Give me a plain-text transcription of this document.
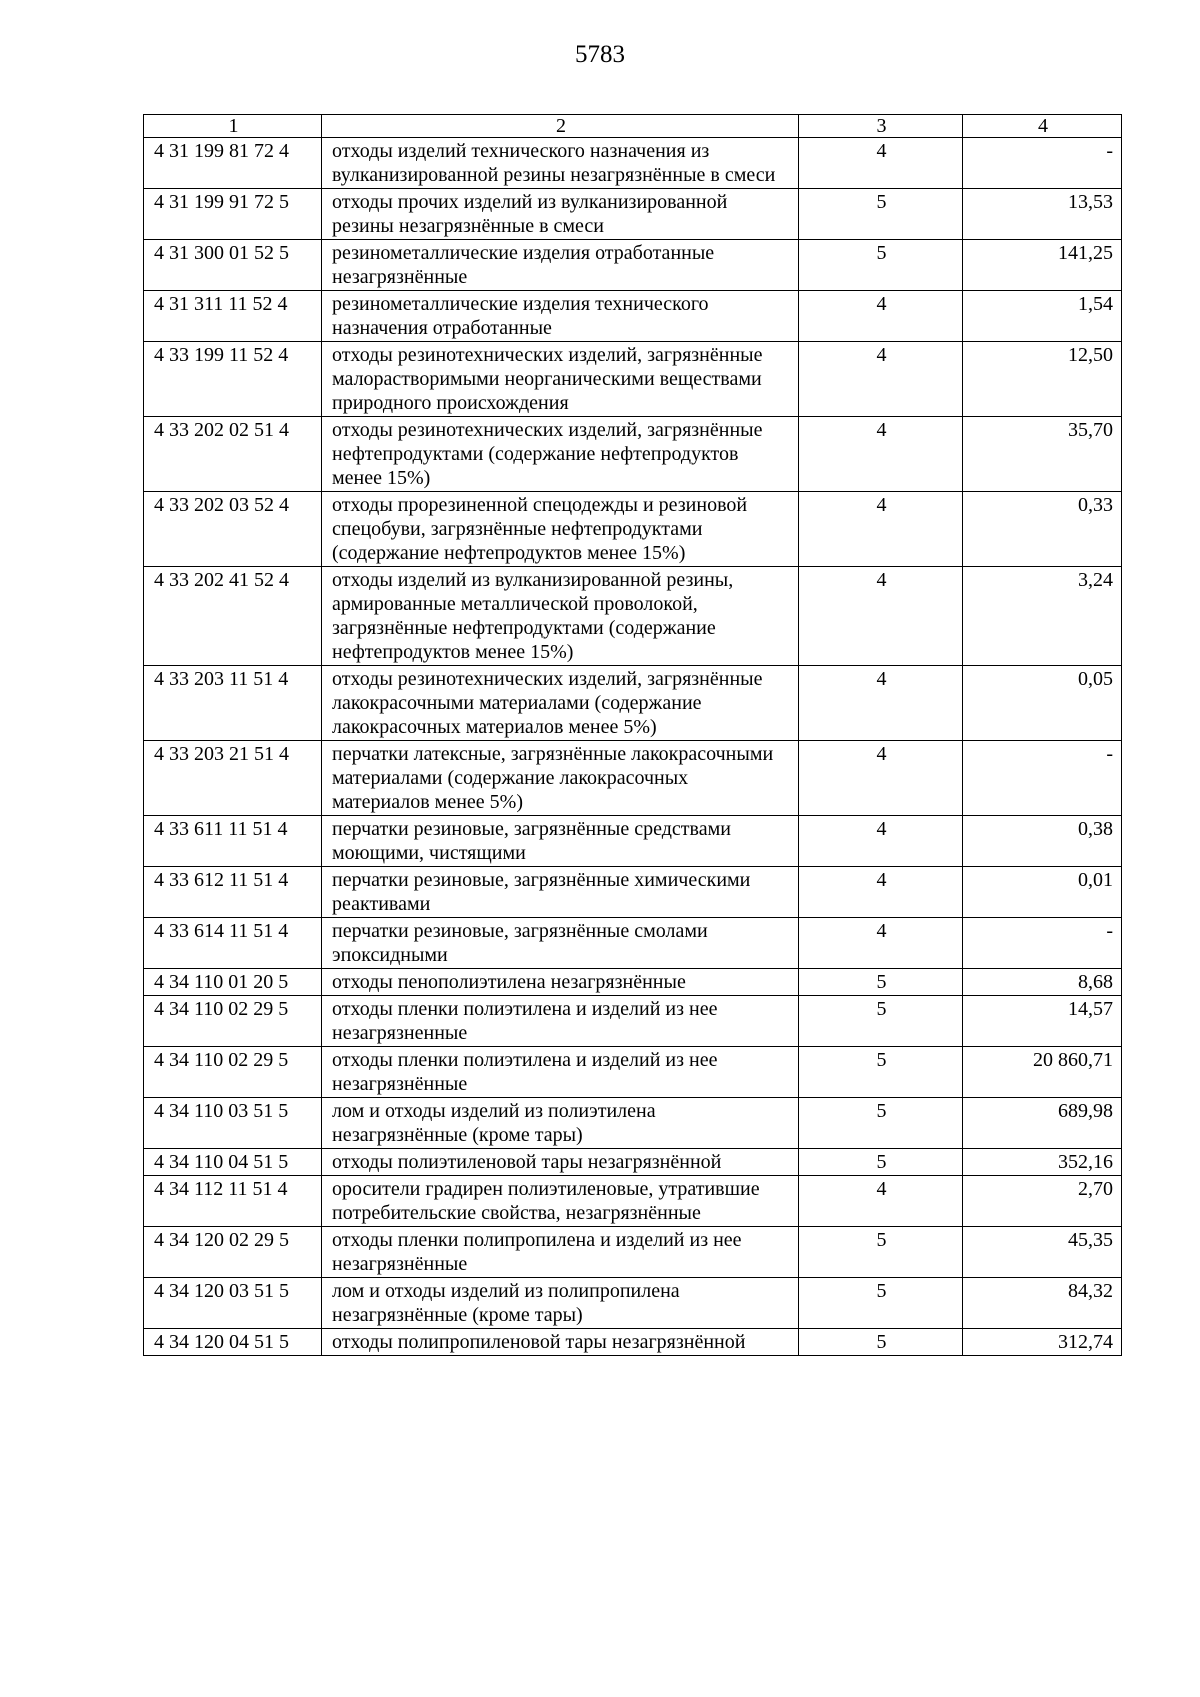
5783
1	2	3	4
4 31 199 81 72 4	отходы изделий технического назначения из вулканизированной резины незагрязнённые в смеси	4	-
4 31 199 91 72 5	отходы прочих изделий из вулканизированной резины незагрязнённые в смеси	5	13,53
4 31 300 01 52 5	резинометаллические изделия отработанные незагрязнённые	5	141,25
4 31 311 11 52 4	резинометаллические изделия технического назначения отработанные	4	1,54
4 33 199 11 52 4	отходы резинотехнических изделий, загрязнённые малорастворимыми неорганическими веществами природного происхождения	4	12,50
4 33 202 02 51 4	отходы резинотехнических изделий, загрязнённые нефтепродуктами (содержание нефтепродуктов менее 15%)	4	35,70
4 33 202 03 52 4	отходы прорезиненной спецодежды и резиновой спецобуви, загрязнённые нефтепродуктами (содержание нефтепродуктов менее 15%)	4	0,33
4 33 202 41 52 4	отходы изделий из вулканизированной резины, армированные металлической проволокой, загрязнённые нефтепродуктами (содержание нефтепродуктов менее 15%)	4	3,24
4 33 203 11 51 4	отходы резинотехнических изделий, загрязнённые лакокрасочными материалами (содержание лакокрасочных материалов менее 5%)	4	0,05
4 33 203 21 51 4	перчатки латексные, загрязнённые лакокрасочными материалами (содержание лакокрасочных материалов менее 5%)	4	-
4 33 611 11 51 4	перчатки резиновые, загрязнённые средствами моющими, чистящими	4	0,38
4 33 612 11 51 4	перчатки резиновые, загрязнённые химическими реактивами	4	0,01
4 33 614 11 51 4	перчатки резиновые, загрязнённые смолами эпоксидными	4	-
4 34 110 01 20 5	отходы пенополиэтилена незагрязнённые	5	8,68
4 34 110 02 29 5	отходы пленки полиэтилена и изделий из нее незагрязненные	5	14,57
4 34 110 02 29 5	отходы пленки полиэтилена и изделий из нее незагрязнённые	5	20 860,71
4 34 110 03 51 5	лом и отходы изделий из полиэтилена незагрязнённые (кроме тары)	5	689,98
4 34 110 04 51 5	отходы полиэтиленовой тары незагрязнённой	5	352,16
4 34 112 11 51 4	оросители градирен полиэтиленовые, утратившие потребительские свойства, незагрязнённые	4	2,70
4 34 120 02 29 5	отходы пленки полипропилена и изделий из нее незагрязнённые	5	45,35
4 34 120 03 51 5	лом и отходы изделий из полипропилена незагрязнённые (кроме тары)	5	84,32
4 34 120 04 51 5	отходы полипропиленовой тары незагрязнённой	5	312,74
